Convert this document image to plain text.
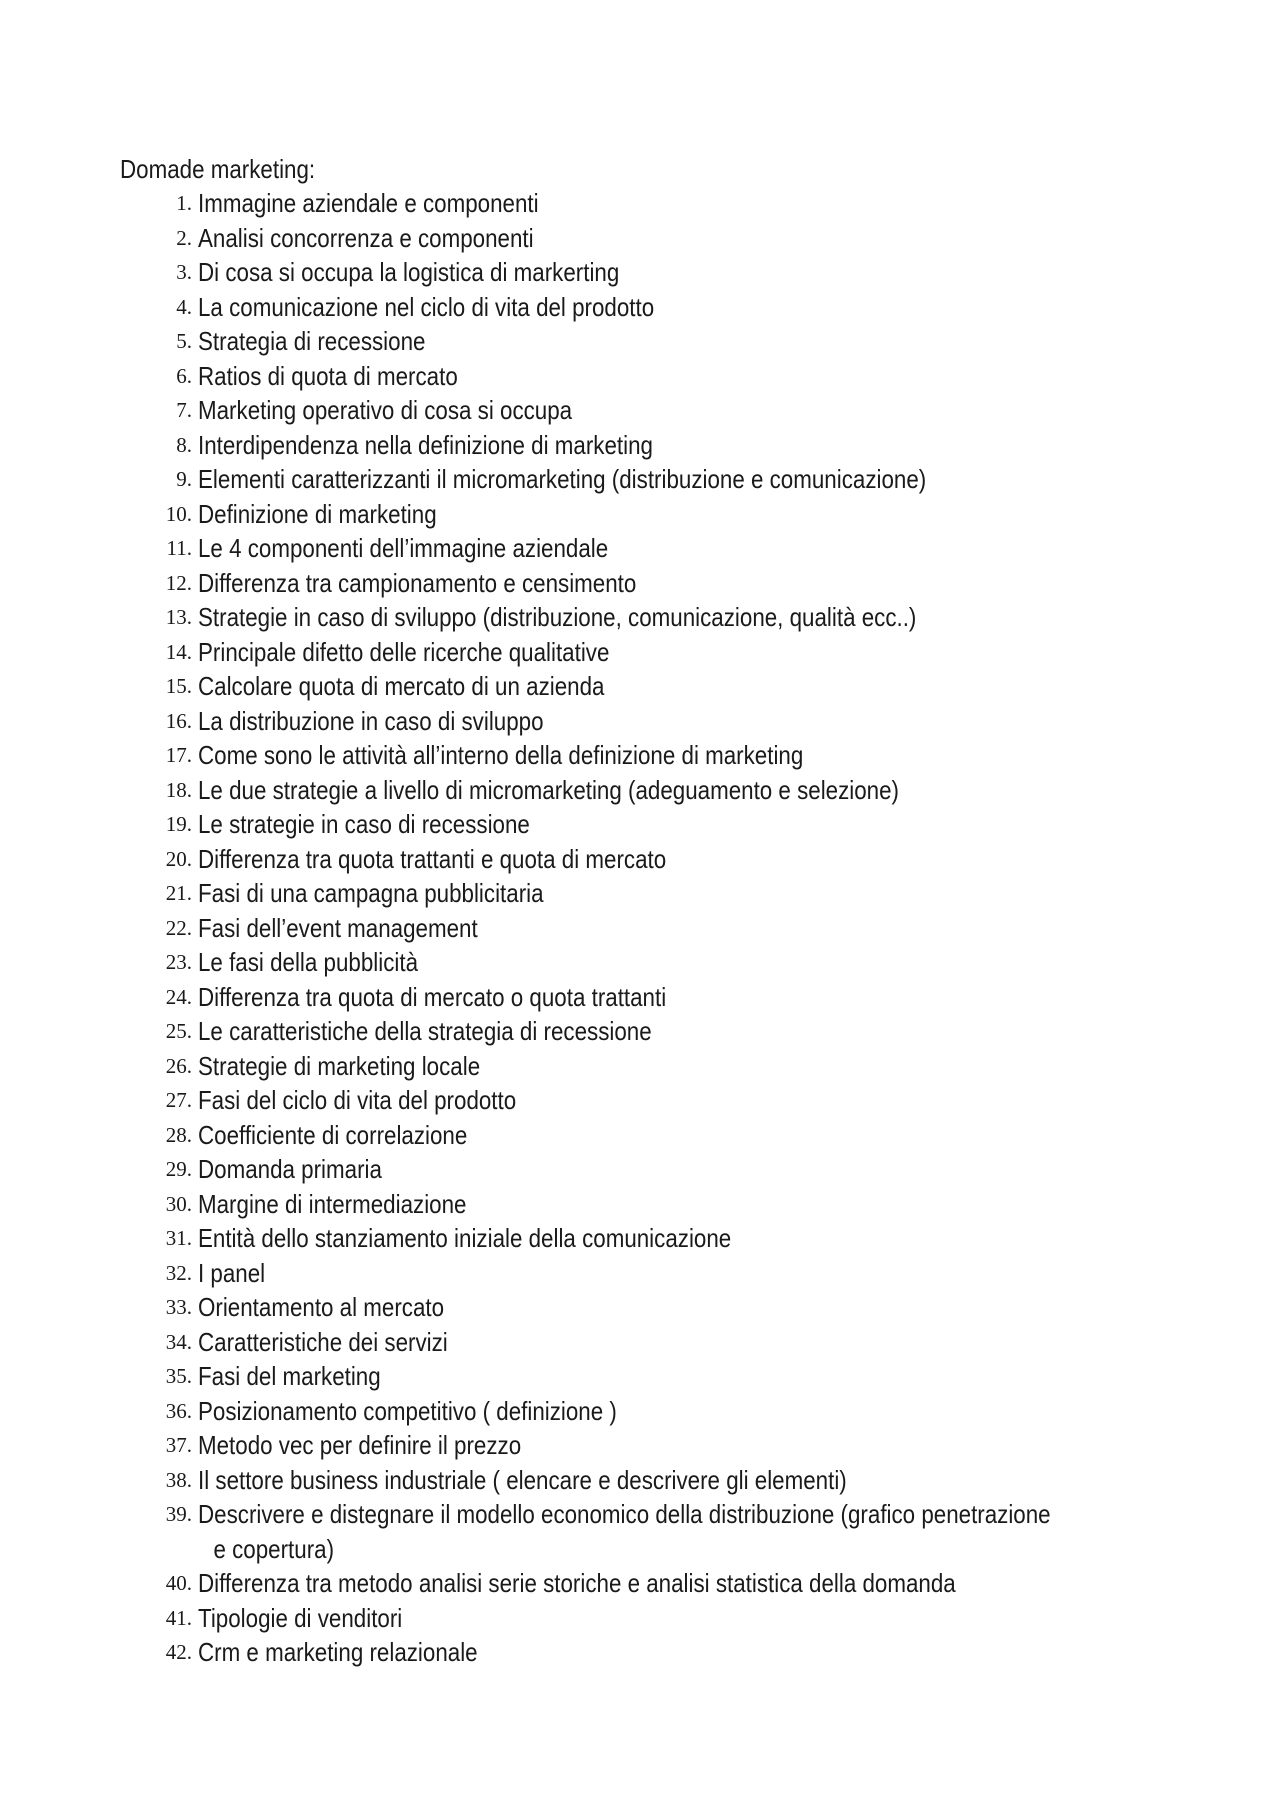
Domade marketing:
1. Immagine aziendale e componenti
2. Analisi concorrenza e componenti
3. Di cosa si occupa la logistica di markerting
4. La comunicazione nel ciclo di vita del prodotto
5. Strategia di recessione
6. Ratios di quota di mercato
7. Marketing operativo di cosa si occupa
8. Interdipendenza nella definizione di marketing
9. Elementi caratterizzanti il micromarketing (distribuzione e comunicazione)
10. Definizione di marketing
11. Le 4 componenti dell’immagine aziendale
12. Differenza tra campionamento e censimento
13. Strategie in caso di sviluppo (distribuzione, comunicazione, qualità ecc..)
14. Principale difetto delle ricerche qualitative
15. Calcolare quota di mercato di un azienda
16. La distribuzione in caso di sviluppo
17. Come sono le attività all’interno della definizione di marketing
18. Le due strategie a livello di micromarketing (adeguamento e selezione)
19. Le strategie in caso di recessione
20. Differenza tra quota trattanti e quota di mercato
21. Fasi di una campagna pubblicitaria
22. Fasi dell’event management
23. Le fasi della pubblicità
24. Differenza tra quota di mercato o quota trattanti
25. Le caratteristiche della strategia di recessione
26. Strategie di marketing locale
27. Fasi del ciclo di vita del prodotto
28. Coefficiente di correlazione
29. Domanda primaria
30. Margine di intermediazione
31. Entità dello stanziamento iniziale della comunicazione
32. I panel
33. Orientamento al mercato
34. Caratteristiche dei servizi
35. Fasi del marketing
36. Posizionamento competitivo ( definizione )
37. Metodo vec per definire il prezzo
38. Il settore business industriale ( elencare e descrivere gli elementi)
39. Descrivere e distegnare il modello economico della distribuzione (grafico penetrazione
e copertura)
40. Differenza tra metodo analisi serie storiche e analisi statistica della domanda
41. Tipologie di venditori
42. Crm e marketing relazionale
